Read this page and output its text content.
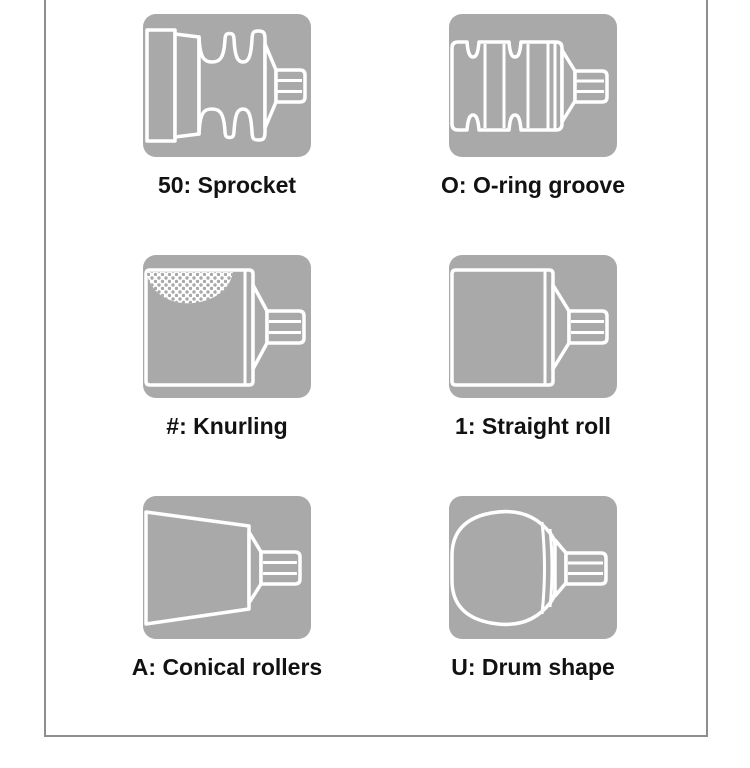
50: Sprocket	O: O-ring groove
#: Knurling	1: Straight roll
A: Conical rollers	U: Drum shape
